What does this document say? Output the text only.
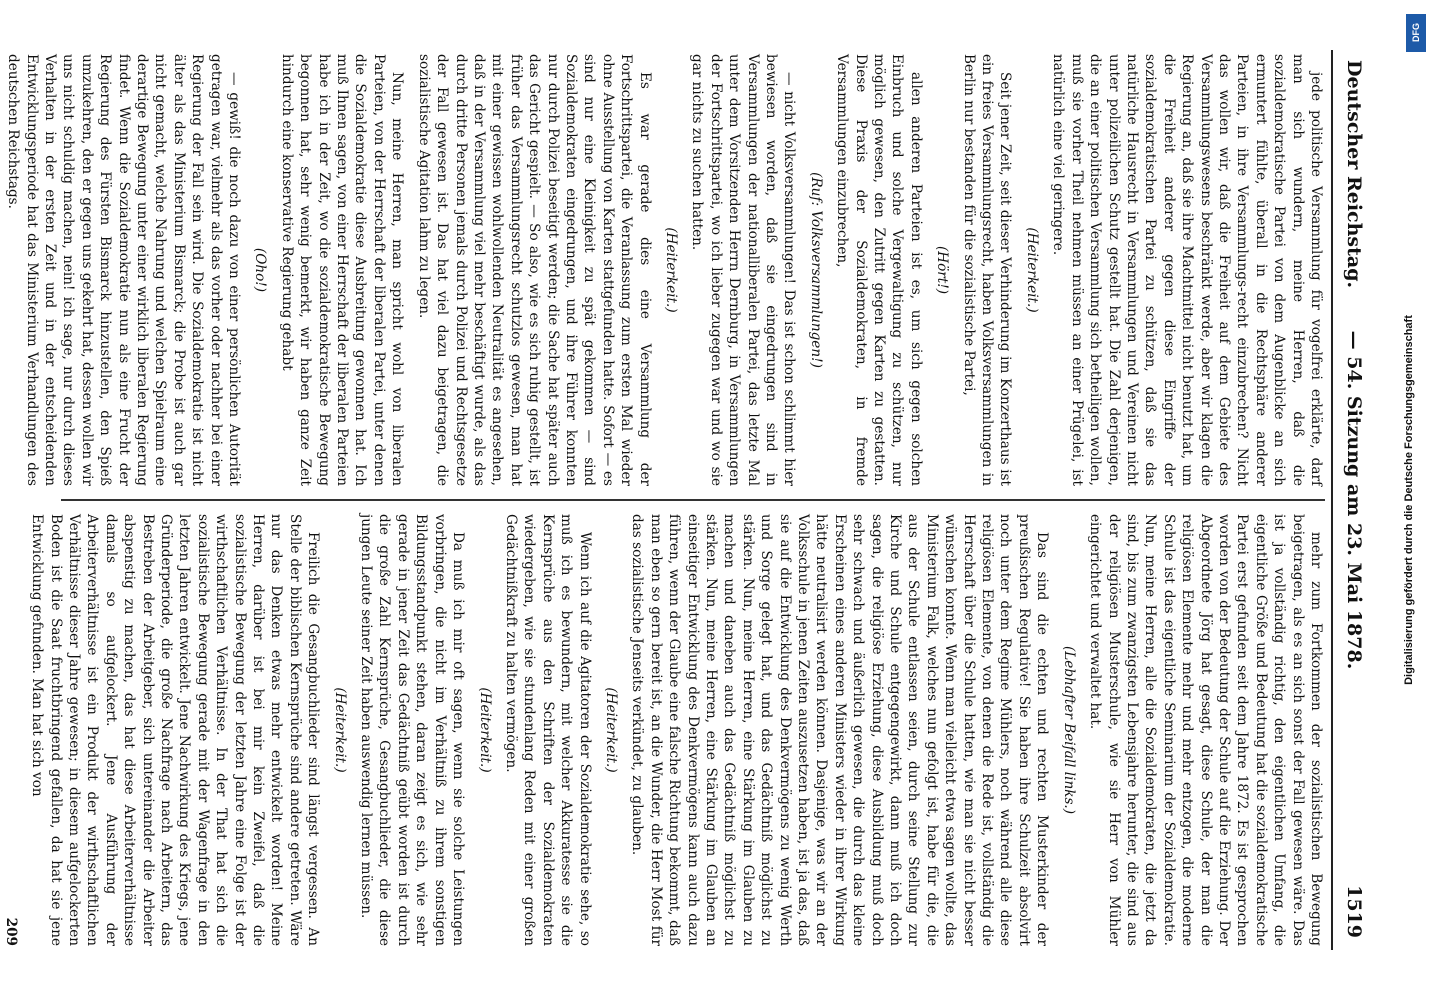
Deutscher Reichstag.
— 54. Sitzung am 23. Mai 1878.
1519

jede politische Versammlung für vogelfrei erklärte, darf man sich wundern, meine Herren, daß die sozialdemokratische Partei von dem Augenblicke an sich ermuntert fühlte, überall in die Rechtsphäre anderer Parteien, in ihre Versammlungs-recht einzubrechen? Nicht das wollen wir, daß die Freiheit auf dem Gebiete des Versammlungswesens beschränkt werde, aber wir klagen die Regierung an, daß sie ihre Machtmittel nicht benutzt hat, um die Freiheit anderer gegen diese Eingriffe der sozialdemokratischen Partei zu schützen, daß sie das natürliche Hausrecht in Versammlungen und Vereinen nicht unter polizeilichen Schutz gestellt hat. Die Zahl derjenigen, die an einer politischen Versammlung sich betheiligen wollen, muß sie vorher Theil nehmen müssen an einer Prügelei, ist natürlich eine viel geringere.

(Heiterkeit.)

Seit jener Zeit, seit dieser Verhinderung im Konzerthaus ist ein freies Versammlungsrecht, haben Volksversammlungen in Berlin nur bestanden für die sozialistische Partei,

(Hört!)

allen anderen Parteien ist es, um sich gegen solchen Einbruch und solche Vergewaltigung zu schützen, nur möglich gewesen, den Zutritt gegen Karten zu gestatten. Diese Praxis der Sozialdemokraten, in fremde Versammlungen einzubrechen,

(Ruf: Volksversammlungen!)

— nicht Volksversammlungen! Das ist schon schlimmt hier bewiesen worden, daß sie eingedrungen sind in Versammlungen der nationalliberalen Partei, das letzte Mal unter dem Vorsitzenden Herrn Dernburg, in Versammlungen der Fortschrittspartei, wo ich lieber zugegen war und wo sie gar nichts zu suchen hatten.

(Heiterkeit.)

Es war gerade dies eine Versammlung der Fortschrittspartei, die Veranlassung zum ersten Mal wieder ohne Ausstellung von Karten stattgefunden hatte. Sofort — es sind nur eine Kleinigkeit zu spät gekommen — sind Sozialdemokraten eingedrungen, und ihre Führer konnten nur durch Polizei beseitigt werden; die Sache hat später auch das Gericht gespielt. — So also, wie es sich ruhig gestellt, ist früher das Versammlungsrecht schutzlos gewesen, man hat mit einer gewissen wohlwollenden Neutralität es angesehen, daß in der Versammlung viel mehr beschäftigt wurde, als das durch dritte Personen jemals durch Polizei und Rechtsgesetze der Fall gewesen ist. Das hat viel dazu beigetragen, die sozialistische Agitation lahm zu legen.

Nun, meine Herren, man spricht wohl von liberalen Parteien, von der Herrschaft der liberalen Partei, unter denen die Sozialdemokratie diese Ausbreitung gewonnen hat. Ich muß Ihnen sagen, von einer Herrschaft der liberalen Parteien habe ich in der Zeit, wo die sozialdemokratische Bewegung begonnen hat, sehr wenig bemerkt, wir haben ganze Zeit hindurch eine konservative Regierung gehabt

(Oho!)

— gewiß! die noch dazu von einer persönlichen Autorität getragen war, vielmehr als das vorher oder nachher bei einer Regierung der Fall sein wird. Die Sozialdemokratie ist nicht älter als das Ministerium Bismarck; die Probe ist auch gar nicht gemacht, welche Nahrung und welchen Spielraum eine derartige Bewegung unter einer wirklich liberalen Regierung findet. Wenn die Sozialdemokratie nun als eine Frucht der Regierung des Fürsten Bismarck hinzustellen, den Spieß umzukehren, den er gegen uns gekehrt hat, dessen wollen wir uns nicht schuldig machen, nein! ich sage, nur durch dieses Verhalten in der ersten Zeit und in der entscheidenden Entwicklungsperiode hat das Ministerium Verhandlungen des deutschen Reichstags.

mehr zum Fortkommen der sozialistischen Bewegung beigetragen, als es an sich sonst der Fall gewesen wäre. Das ist ja vollständig richtig, den eigentlichen Umfang, die eigentliche Größe und Bedeutung hat die sozialdemokratische Partei erst gefunden seit dem Jahre 1872. Es ist gesprochen worden von der Bedeutung der Schule auf die Erziehung. Der Abgeordnete Jörg hat gesagt, diese Schule, der man die religiösen Elemente mehr und mehr entzogen, die moderne Schule ist das eigentliche Seminarium der Sozialdemokratie. Nun, meine Herren, alle die Sozialdemokraten, die jetzt da sind, bis zum zwanzigsten Lebensjahre herunter, die sind aus der religiösen Musterschule, wie sie Herr von Mühler eingerichtet und verwaltet hat.

(Lebhafter Beifall links.)

Das sind die echten und rechten Musterkinder der preußischen Regulative! Sie haben ihre Schulzeit absolvirt noch unter dem Regime Mühlers, noch während alle diese religiösen Elemente, von denen die Rede ist, vollständig die Herrschaft über die Schule hatten, wie man sie nicht besser wünschen konnte. Wenn man vielleicht etwa sagen wollte, das Ministerium Falk, welches nun gefolgt ist, habe für die, die aus der Schule entlassen seien, durch seine Stellung zur Kirche und Schule entgegengewirkt, dann muß ich doch sagen, die religiöse Erziehung, diese Ausbildung muß doch sehr schwach und äußerlich gewesen, die durch das kleine Erscheinen eines anderen Ministers wieder in ihrer Wirkung hätte neutralisirt werden können. Dasjenige, was wir an der Volksschule in jenen Zeiten auszusetzen haben, ist ja das, daß sie auf die Entwicklung des Denkvermögens zu wenig Werth und Sorge gelegt hat, und das Gedächtniß möglichst zu stärken. Nun, meine Herren, eine Stärkung im Glauben zu machen und daneben auch das Gedächtniß möglichst zu stärken. Nun, meine Herren, eine Stärkung im Glauben an einseitiger Entwicklung des Denkvermögens kann auch dazu führen, wenn der Glaube eine falsche Richtung bekommt, daß man eben so gern bereit ist, an die Wunder, die Herr Most für das sozialistische Jenseits verkündet, zu glauben.

(Heiterkeit.)

Wenn ich auf die Agitatoren der Sozialdemokratie sehe, so muß ich es bewundern, mit welcher Akkuratesse sie die Kernsprüche aus den Schriften der Sozialdemokraten wiedergeben, wie sie stundenlang Reden mit einer großen Gedächtnißkraft zu halten vermögen.

(Heiterkeit.)

Da muß ich mir oft sagen, wenn sie solche Leistungen vorbringen, die nicht im Verhältniß zu ihrem sonstigen Bildungsstandpunkt stehen, daran zeigt es sich, wie sehr gerade in jener Zeit das Gedächtniß geübt worden ist durch die große Zahl Kernsprüche, Gesangbuchlieder, die diese jungen Leute seiner Zeit haben auswendig lernen müssen.

(Heiterkeit.)

Freilich die Gesangbuchlieder sind längst vergessen. An Stelle der biblischen Kernsprüche sind andere getreten. Wäre nur das Denken etwas mehr entwickelt worden! Meine Herren, darüber ist bei mir kein Zweifel, daß die sozialistische Bewegung der letzten Jahre eine Folge ist der wirthschaftlichen Verhältnisse. In der That hat sich die sozialistische Bewegung gerade mit der Wagenfrage in den letzten Jahren entwickelt. Jene Nachwirkung des Kriegs, jene Gründerperiode, die große Nachfrage nach Arbeitern, das Bestreben der Arbeitgeber, sich untereinander die Arbeiter abspenstig zu machen, das hat diese Arbeiterverhältnisse damals so aufgelockert. Jene Ausführung der Arbeiterverhältnisse ist ein Produkt der wirthschaftlichen Verhältnisse dieser Jahre gewesen; in diesem aufgelockerten Boden ist die Saat fruchtbringend gefallen, da hat sie jene Entwicklung gefunden. Man hat sich von

209

DFG
Digitalisierung gefördert durch die Deutsche Forschungsgemeinschaft
